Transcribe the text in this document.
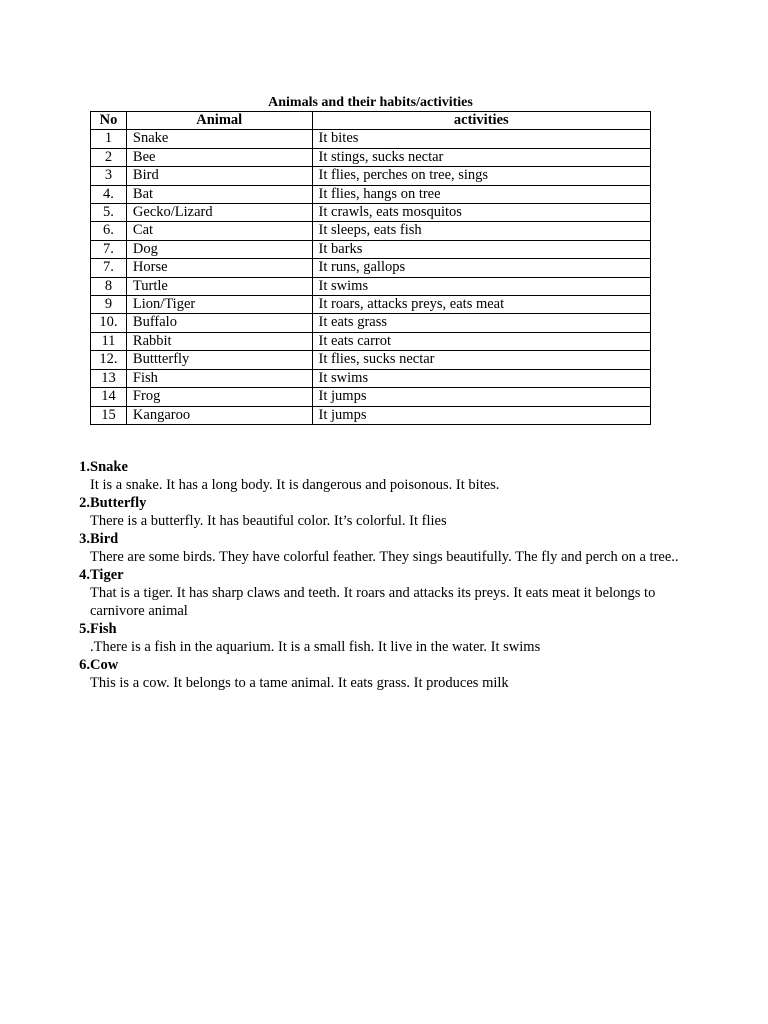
Animals and their habits/activities
No	Animal	activities
1	Snake	It bites
2	Bee	It stings, sucks nectar
3	Bird	It flies, perches on tree, sings
4.	Bat	It flies, hangs on tree
5.	Gecko/Lizard	It crawls, eats mosquitos
6.	Cat	It sleeps, eats fish
7.	Dog	It barks
7.	Horse	It runs, gallops
8	Turtle	It swims
9	Lion/Tiger	It roars, attacks preys, eats meat
10.	Buffalo	It eats grass
11	Rabbit	It eats carrot
12.	Buttterfly	It flies, sucks nectar
13	Fish	It swims
14	Frog	It jumps
15	Kangaroo	It jumps
1. Snake
It is a snake. It has a long body. It is dangerous and poisonous. It bites.
2. Butterfly
There is a butterfly. It has beautiful color. It’s colorful. It flies
3. Bird
There are some birds. They have colorful feather. They sings beautifully. The fly and perch on a tree..
4. Tiger
That is a tiger. It has sharp claws and teeth. It roars and attacks its preys. It eats meat it belongs to carnivore animal
5. Fish
.There is a fish in the aquarium. It is a small fish. It live in the water. It swims
6. Cow
This is a cow. It belongs to a tame animal. It eats grass. It produces milk
